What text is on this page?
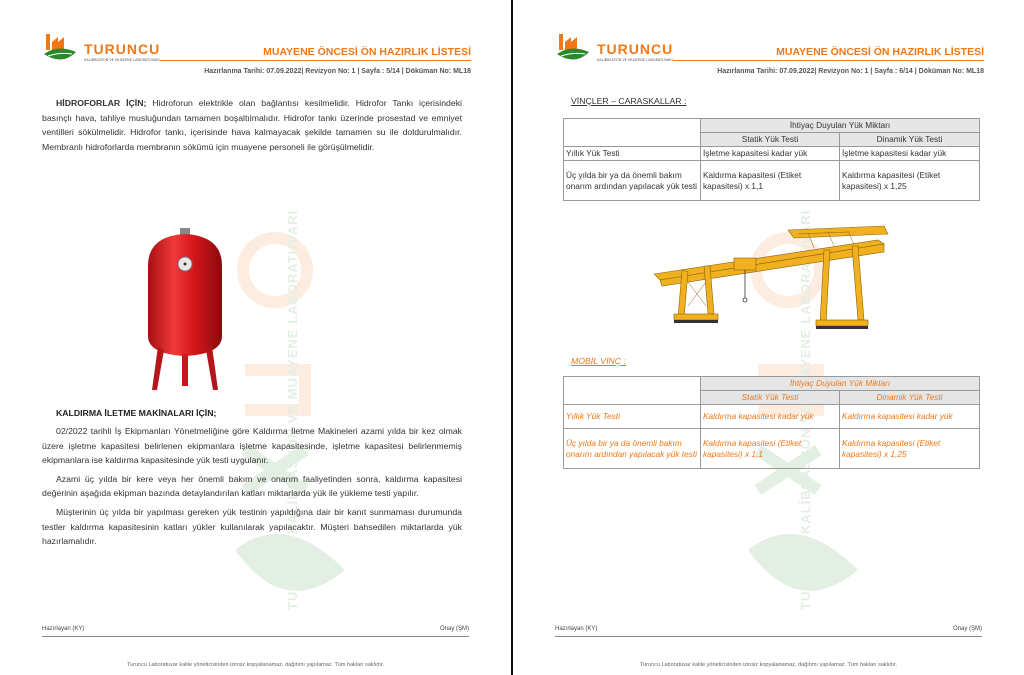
TURUNCU
KALİBRASYON VE MUAYENE LABORATUVARI
MUAYENE ÖNCESİ ÖN HAZIRLIK LİSTESİ
Hazırlanma Tarihi: 07.09.2022| Revizyon No: 1 | Sayfa : 5/14 | Döküman No: ML18
TURUNCU KALİBRASYON VE MUAYENE LABORATUVARI

HİDROFORLAR İÇİN; Hidroforun elektrikle olan bağlantısı kesilmelidir. Hidrofor Tankı içerisindeki basınçlı hava, tahliye musluğundan tamamen boşaltılmalıdır. Hidrofor tankı üzerinde prosestad ve emniyet ventilleri sökülmelidir. Hidrofor tankı, içerisinde hava kalmayacak şekilde tamamen su ile doldurulmalıdır. Membranlı hidroforlarda membranın sökümü için muayene personeli ile görüşülmelidir.

KALDIRMA İLETME MAKİNALARI İÇİN;

02/2022 tarihli İş Ekipmanları Yönetmeliğine göre Kaldırma İletme Makineleri azami yılda bir kez olmak üzere işletme kapasitesi belirlenen ekipmanlara işletme kapasitesinde, işletme kapasitesi belirlenmemiş ekipmanlara ise kaldırma kapasitesinde yük testi uygulanır.

Azami üç yılda bir kere veya her önemli bakım ve onarım faaliyetinden sonra, kaldırma kapasitesi değerinin aşağıda ekipman bazında detaylandırılan katları miktarlarda yük ile yükleme testi yapılır.

Müşterinin üç yılda bir yapılması gereken yük testinin yapıldığına dair bir kanıt sunmaması durumunda testler kaldırma kapasitesinin katları yükler kullanılarak yapılacaktır. Müşteri bahsedilen miktarlarda yük hazırlamalıdır.

Hazırlayan (KY)	Onay (ŞM)
Turuncu Laboratuvar kalite yöneticisinden izinsiz kopyalanamaz, dağıtımı yapılamaz. Tüm hakları saklıdır.
TURUNCU
KALİBRASYON VE MUAYENE LABORATUVARI
MUAYENE ÖNCESİ ÖN HAZIRLIK LİSTESİ
Hazırlanma Tarihi: 07.09.2022| Revizyon No: 1 | Sayfa : 6/14 | Döküman No: ML18
TURUNCU KALİBRASYON VE MUAYENE LABORATUVARI
VİNÇLER – CARASKALLAR :
	İhtiyaç Duyulan Yük Miktarı	
	Statik Yük Testi	Dinamik Yük Testi
Yıllık Yük Testi	İşletme kapasitesi kadar yük	İşletme kapasitesi kadar yük
Üç yılda bir ya da önemli bakım onarım ardından yapılacak yük testi	Kaldırma kapasitesi (Etiket kapasitesi) x 1,1	Kaldırma kapasitesi (Etiket kapasitesi) x 1,25
MOBİL VİNÇ :
	İhtiyaç Duyulan Yük Miktarı	
	Statik Yük Testi	Dinamik Yük Testi
Yıllık Yük Testi	Kaldırma kapasitesi kadar yük	Kaldırma kapasitesi kadar yük
Üç yılda bir ya da önemli bakım onarım ardından yapılacak yük testi	Kaldırma kapasitesi (Etiket kapasitesi) x 1,1	Kaldırma kapasitesi (Etiket kapasitesi) x 1,25
Hazırlayan (KY)	Onay (ŞM)
Turuncu Laboratuvar kalite yöneticisinden izinsiz kopyalanamaz, dağıtımı yapılamaz. Tüm hakları saklıdır.
